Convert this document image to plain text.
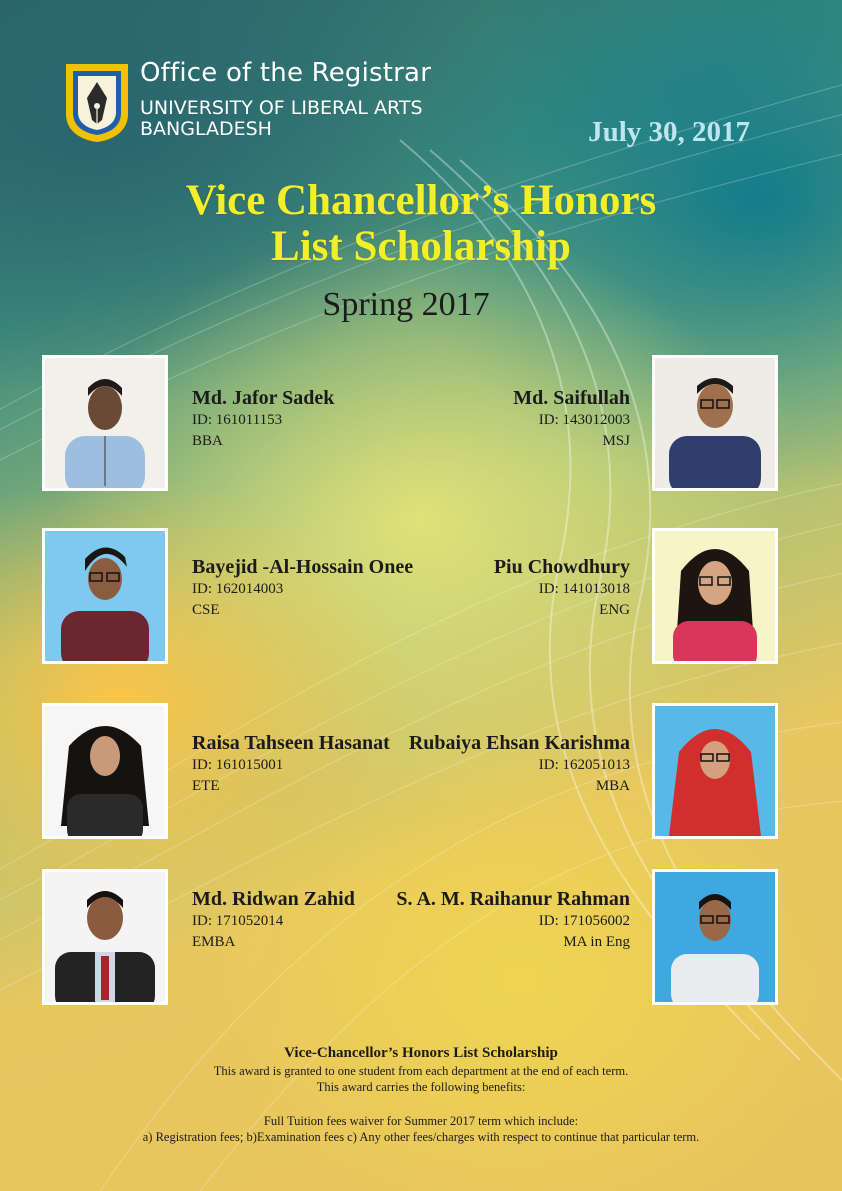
Office of the Registrar
UNIVERSITY OF LIBERAL ARTS
BANGLADESH	July 30, 2017
Vice Chancellor’s Honors
List Scholarship
Spring 2017
Md. Jafor Sadek
ID: 161011153
BBA
Md. Saifullah
ID: 143012003
MSJ
Bayejid -Al-Hossain Onee
ID: 162014003
CSE
Piu Chowdhury
ID: 141013018
ENG
Raisa Tahseen Hasanat
ID: 161015001
ETE
Rubaiya Ehsan Karishma
ID: 162051013
MBA
Md. Ridwan Zahid
ID: 171052014
EMBA
S. A. M. Raihanur Rahman
ID: 171056002
MA in Eng
Vice-Chancellor’s Honors List Scholarship
This award is granted to one student from each department at the end of each term.
This award carries the following benefits:
Full Tuition fees waiver for Summer 2017 term which include:
a) Registration fees; b)Examination fees c) Any other fees/charges with respect to continue that particular term.
